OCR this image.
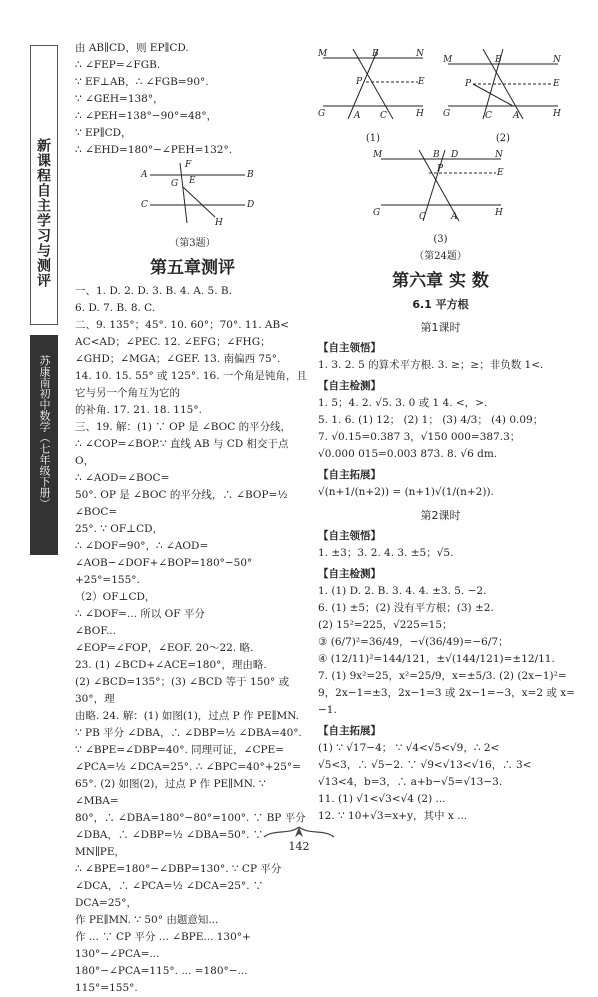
新课程自主学习与测评
苏康南初中数学（七年级下册）
由 AB∥CD，则 EP∥CD.
∴ ∠FEP=∠FGB.
∵ EF⊥AB，∴ ∠FGB=90°.
∵ ∠GEH=138°，
∴ ∠PEH=138°−90°=48°，
∵ EP∥CD，
∴ ∠EHD=180°−∠PEH=132°.
F
E
B
A
G
H
D
C
（第3题）
第五章测评
一、1. D. 2. D. 3. B. 4. A. 5. B.
6. D. 7. B. 8. C.
二、9. 135°；45°. 10. 60°；70°. 11. AB<
AC<AD；∠PEC. 12. ∠EFG；∠FHG；
∠GHD；∠MGA；∠GEF. 13. 南偏西 75°.
14. 10. 15. 55° 或 125°. 16. 一个角是钝角，且它与另一个角互为它的
的补角. 17. 21. 18. 115°.
三、19. 解：(1) ∵ OP 是 ∠BOC 的平分线，
∴ ∠COP=∠BOP.∵ 直线 AB 与 CD 相交于点 O，
∴ ∠AOD=∠BOC=
50°. OP 是 ∠BOC 的平分线，∴ ∠BOP=½ ∠BOC=
25°. ∵ OF⊥CD，
∴ ∠DOF=90°，∴ ∠AOD=
∠AOB−∠DOF+∠BOP=180°−50°+25°=155°.
（2）OF⊥CD，
∴ ∠DOF=... 所以 OF 平分
∠BOF...
∠EOP=∠FOP，∠EOF. 20～22. 略.
23. (1) ∠BCD+∠ACE=180°，理由略.
(2) ∠BCD=135°；(3) ∠BCD 等于 150° 或 30°，理
由略. 24. 解：(1) 如图(1)，过点 P 作 PE∥MN.
∵ PB 平分 ∠DBA，∴ ∠DBP=½ ∠DBA=40°.
∵ ∠BPE=∠DBP=40°. 同理可证，∠CPE=
∠PCA=½ ∠DCA=25°. ∴ ∠BPC=40°+25°=
65°. (2) 如图(2)，过点 P 作 PE∥MN. ∵ ∠MBA=
80°，∴ ∠DBA=180°−80°=100°. ∵ BP 平分
∠DBA，∴ ∠DBP=½ ∠DBA=50°. ∵ MN∥PE，
∴ ∠BPE=180°−∠DBP=130°. ∵ CP 平分
∠DCA，∴ ∠PCA=½ ∠DCA=25°. ∵ DCA=25°，
作 PE∥MN. ∵ 50° 由题意知...
作 ... ∵ CP 平分 ... ∠BPE... 130°+
130°−∠PCA=...
180°−∠PCA=115°. ... =180°−... 115°=155°.
M	N
B
P	E
G	A C	H
(1)
M	B	N
P	E
G	C A	H
(2)
M	B	N
D
P	E
G	C	A	H
(3)
（第24题）
第六章 实 数
6.1 平方根
第1课时
【自主领悟】
1. 3. 2. 5 的算术平方根. 3. ≥；≥；非负数 1<.
【自主检测】
1. 5；4. 2. √5. 3. 0 或 1 4. <，>.
5. 1. 6. (1) 12； (2) 1； (3) 4/3； (4) 0.09；
7. √0.15=0.387 3，√150 000=387.3；
√0.000 015=0.003 873. 8. √6 dm.
【自主拓展】
√(n+1/(n+2)) = (n+1)√(1/(n+2)).
第2课时
【自主领悟】
1. ±3；3. 2. 4. 3. ±5；√5.
【自主检测】
1. (1) D. 2. B. 3. 4. 4. ±3. 5. −2.
6. (1) ±5；(2) 没有平方根；(3) ±2.
(2) 15²=225，√225=15；
③ (6/7)²=36/49，−√(36/49)=−6/7；
④ (12/11)²=144/121，±√(144/121)=±12/11.
7. (1) 9x²=25，x²=25/9，x=±5/3. (2) (2x−1)²=
9，2x−1=±3，2x−1=3 或 2x−1=−3，x=2 或 x=
−1.
【自主拓展】
(1) ∵ √17−4； ∵ √4<√5<√9，∴ 2<
√5<3，∴ √5−2. ∵ √9<√13<√16，∴ 3<
√13<4，b=3，∴ a+b−√5=√13−3.
11. (1) √1<√3<√4 (2) ...
12. ∵ 10+√3=x+y，其中 x ...
142
